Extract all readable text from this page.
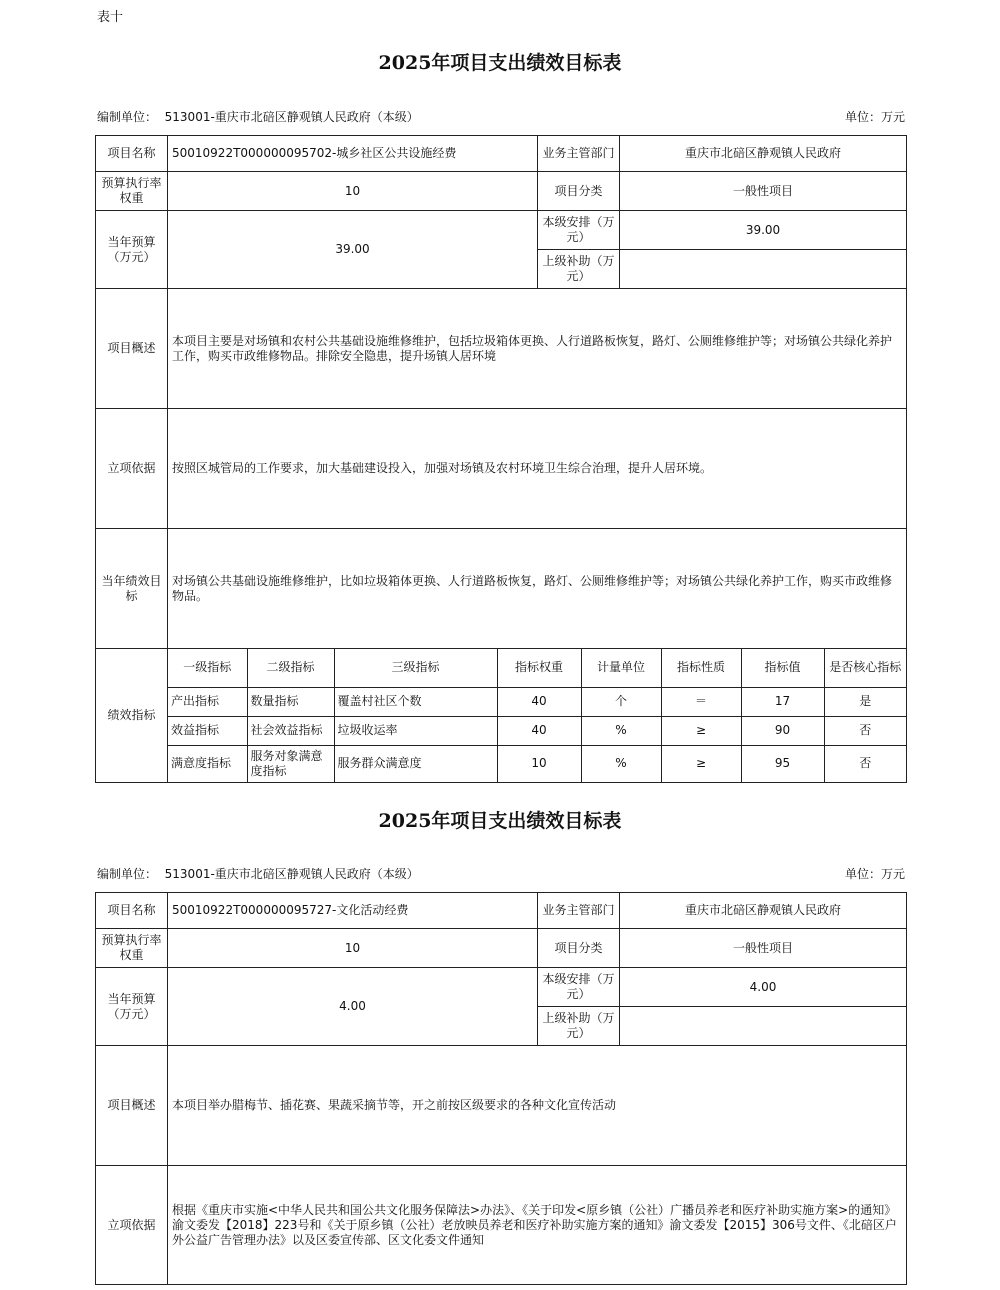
表十
2025年项目支出绩效目标表
编制单位： 513001-重庆市北碚区静观镇人民政府（本级）	单位：万元
项目名称	50010922T000000095702-城乡社区公共设施经费	业务主管部门	重庆市北碚区静观镇人民政府
预算执行率权重	10	项目分类	一般性项目
当年预算（万元）	39.00	本级安排（万元）	39.00
上级补助（万元）	
项目概述	本项目主要是对场镇和农村公共基础设施维修维护，包括垃圾箱体更换、人行道路板恢复，路灯、公厕维修维护等；对场镇公共绿化养护工作，购买市政维修物品。排除安全隐患，提升场镇人居环境
立项依据	按照区城管局的工作要求，加大基础建设投入，加强对场镇及农村环境卫生综合治理，提升人居环境。
当年绩效目标	对场镇公共基础设施维修维护，比如垃圾箱体更换、人行道路板恢复，路灯、公厕维修维护等；对场镇公共绿化养护工作，购买市政维修物品。
绩效指标	
一级指标	二级指标	三级指标	指标权重	计量单位	指标性质	指标值	是否核心指标
产出指标	数量指标	覆盖村社区个数	40	个	＝	17	是
效益指标	社会效益指标	垃圾收运率	40	%	≥	90	否
满意度指标	服务对象满意度指标	服务群众满意度	10	%	≥	95	否
2025年项目支出绩效目标表
编制单位： 513001-重庆市北碚区静观镇人民政府（本级）	单位：万元
项目名称	50010922T000000095727-文化活动经费	业务主管部门	重庆市北碚区静观镇人民政府
预算执行率权重	10	项目分类	一般性项目
当年预算（万元）	4.00	本级安排（万元）	4.00
		上级补助（万元）	
项目概述	本项目举办腊梅节、插花赛、果蔬采摘节等，开之前按区级要求的各种文化宣传活动		
立项依据	根据《重庆市实施<中华人民共和国公共文化服务保障法>办法》、《关于印发<原乡镇（公社）广播员养老和医疗补助实施方案>的通知》渝文委发【2018】223号和《关于原乡镇（公社）老放映员养老和医疗补助实施方案的通知》渝文委发【2015】306号文件、《北碚区户外公益广告管理办法》以及区委宣传部、区文化委文件通知		
